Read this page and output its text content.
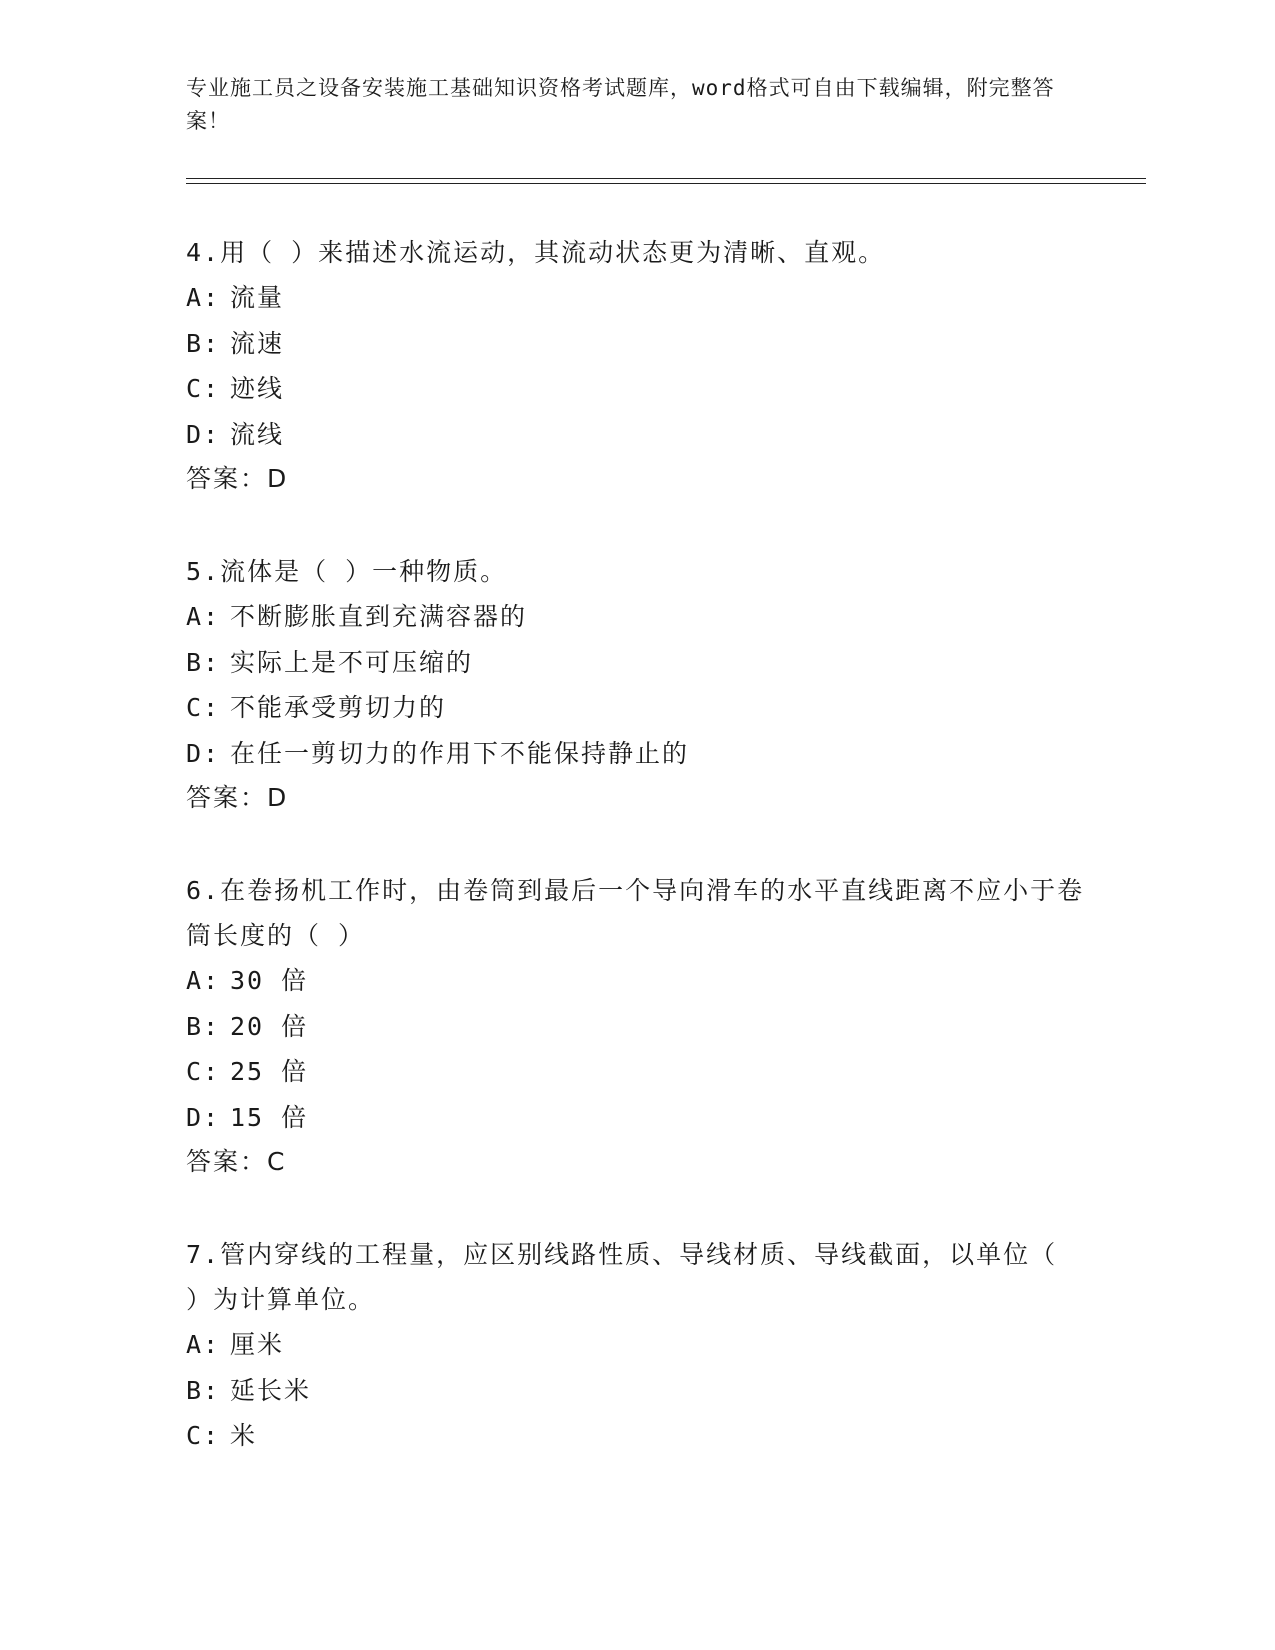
专业施工员之设备安装施工基础知识资格考试题库，word格式可自由下载编辑，附完整答案！

4.用（ ）来描述水流运动，其流动状态更为清晰、直观。

A: 流量

B: 流速

C: 迹线

D: 流线

答案：D

5.流体是（ ）一种物质。

A: 不断膨胀直到充满容器的

B: 实际上是不可压缩的

C: 不能承受剪切力的

D: 在任一剪切力的作用下不能保持静止的

答案：D

6.在卷扬机工作时，由卷筒到最后一个导向滑车的水平直线距离不应小于卷筒长度的（ ）

A: 30 倍

B: 20 倍

C: 25 倍

D: 15 倍

答案：C

7.管内穿线的工程量，应区别线路性质、导线材质、导线截面，以单位（ ）为计算单位。

A: 厘米

B: 延长米

C: 米
